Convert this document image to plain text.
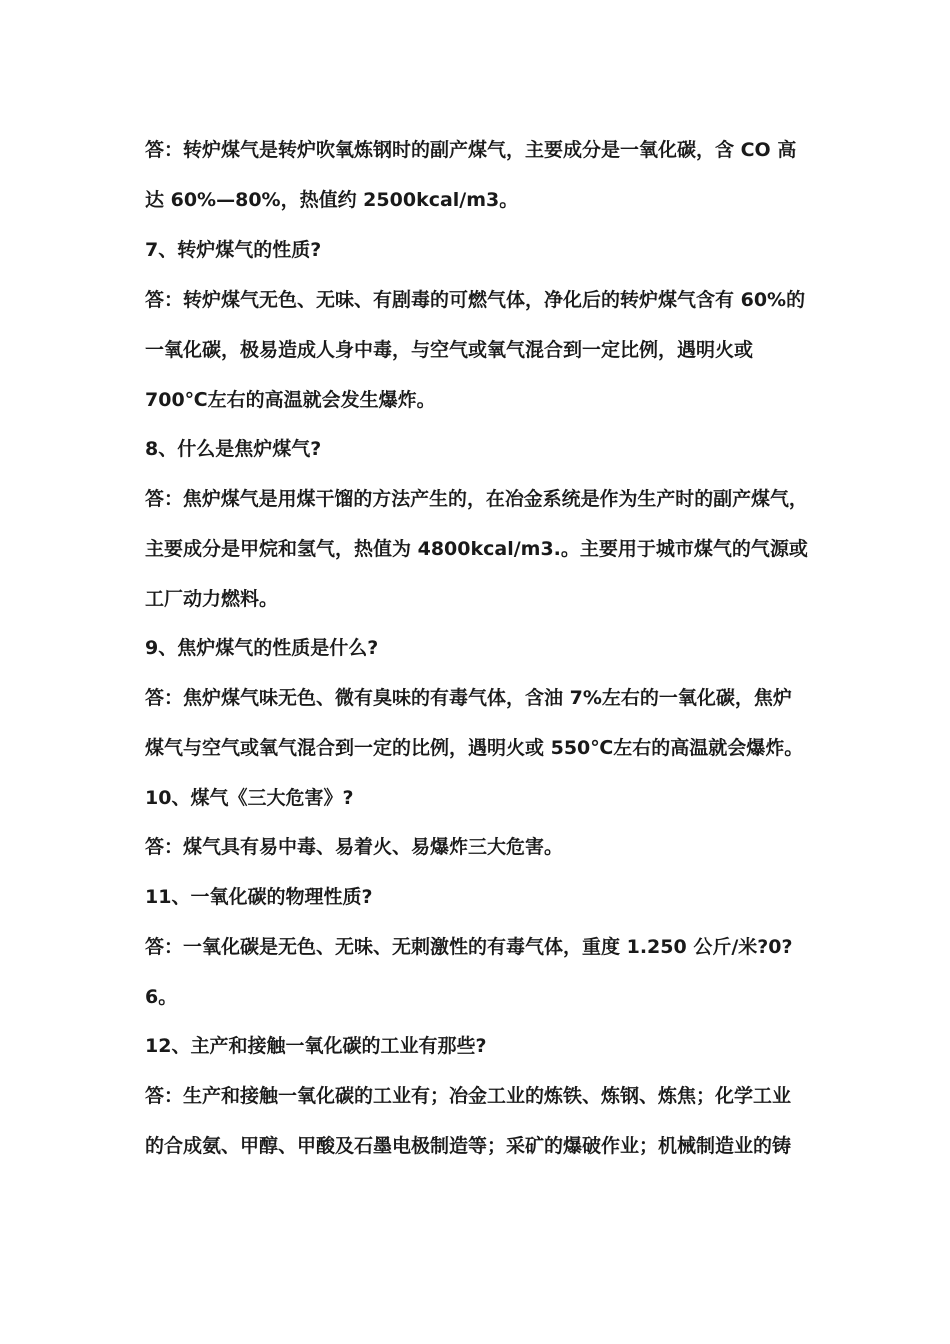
答：转炉煤气是转炉吹氧炼钢时的副产煤气，主要成分是一氧化碳，含 CO 高
达 60%—80%，热值约 2500kcal/m3。
7、转炉煤气的性质?
答：转炉煤气无色、无味、有剧毒的可燃气体，净化后的转炉煤气含有 60%的
一氧化碳，极易造成人身中毒，与空气或氧气混合到一定比例，遇明火或
700℃左右的高温就会发生爆炸。
8、什么是焦炉煤气?
答：焦炉煤气是用煤干馏的方法产生的，在冶金系统是作为生产时的副产煤气，
主要成分是甲烷和氢气，热值为 4800kcal/m3.。主要用于城市煤气的气源或
工厂动力燃料。
9、焦炉煤气的性质是什么?
答：焦炉煤气味无色、微有臭味的有毒气体，含油 7%左右的一氧化碳，焦炉
煤气与空气或氧气混合到一定的比例，遇明火或 550℃左右的高温就会爆炸。
10、煤气《三大危害》?
答：煤气具有易中毒、易着火、易爆炸三大危害。
11、一氧化碳的物理性质?
答：一氧化碳是无色、无味、无刺激性的有毒气体，重度 1.250 公斤/米?0?
6。
12、主产和接触一氧化碳的工业有那些?
答：生产和接触一氧化碳的工业有；冶金工业的炼铁、炼钢、炼焦；化学工业
的合成氨、甲醇、甲酸及石墨电极制造等；采矿的爆破作业；机械制造业的铸
